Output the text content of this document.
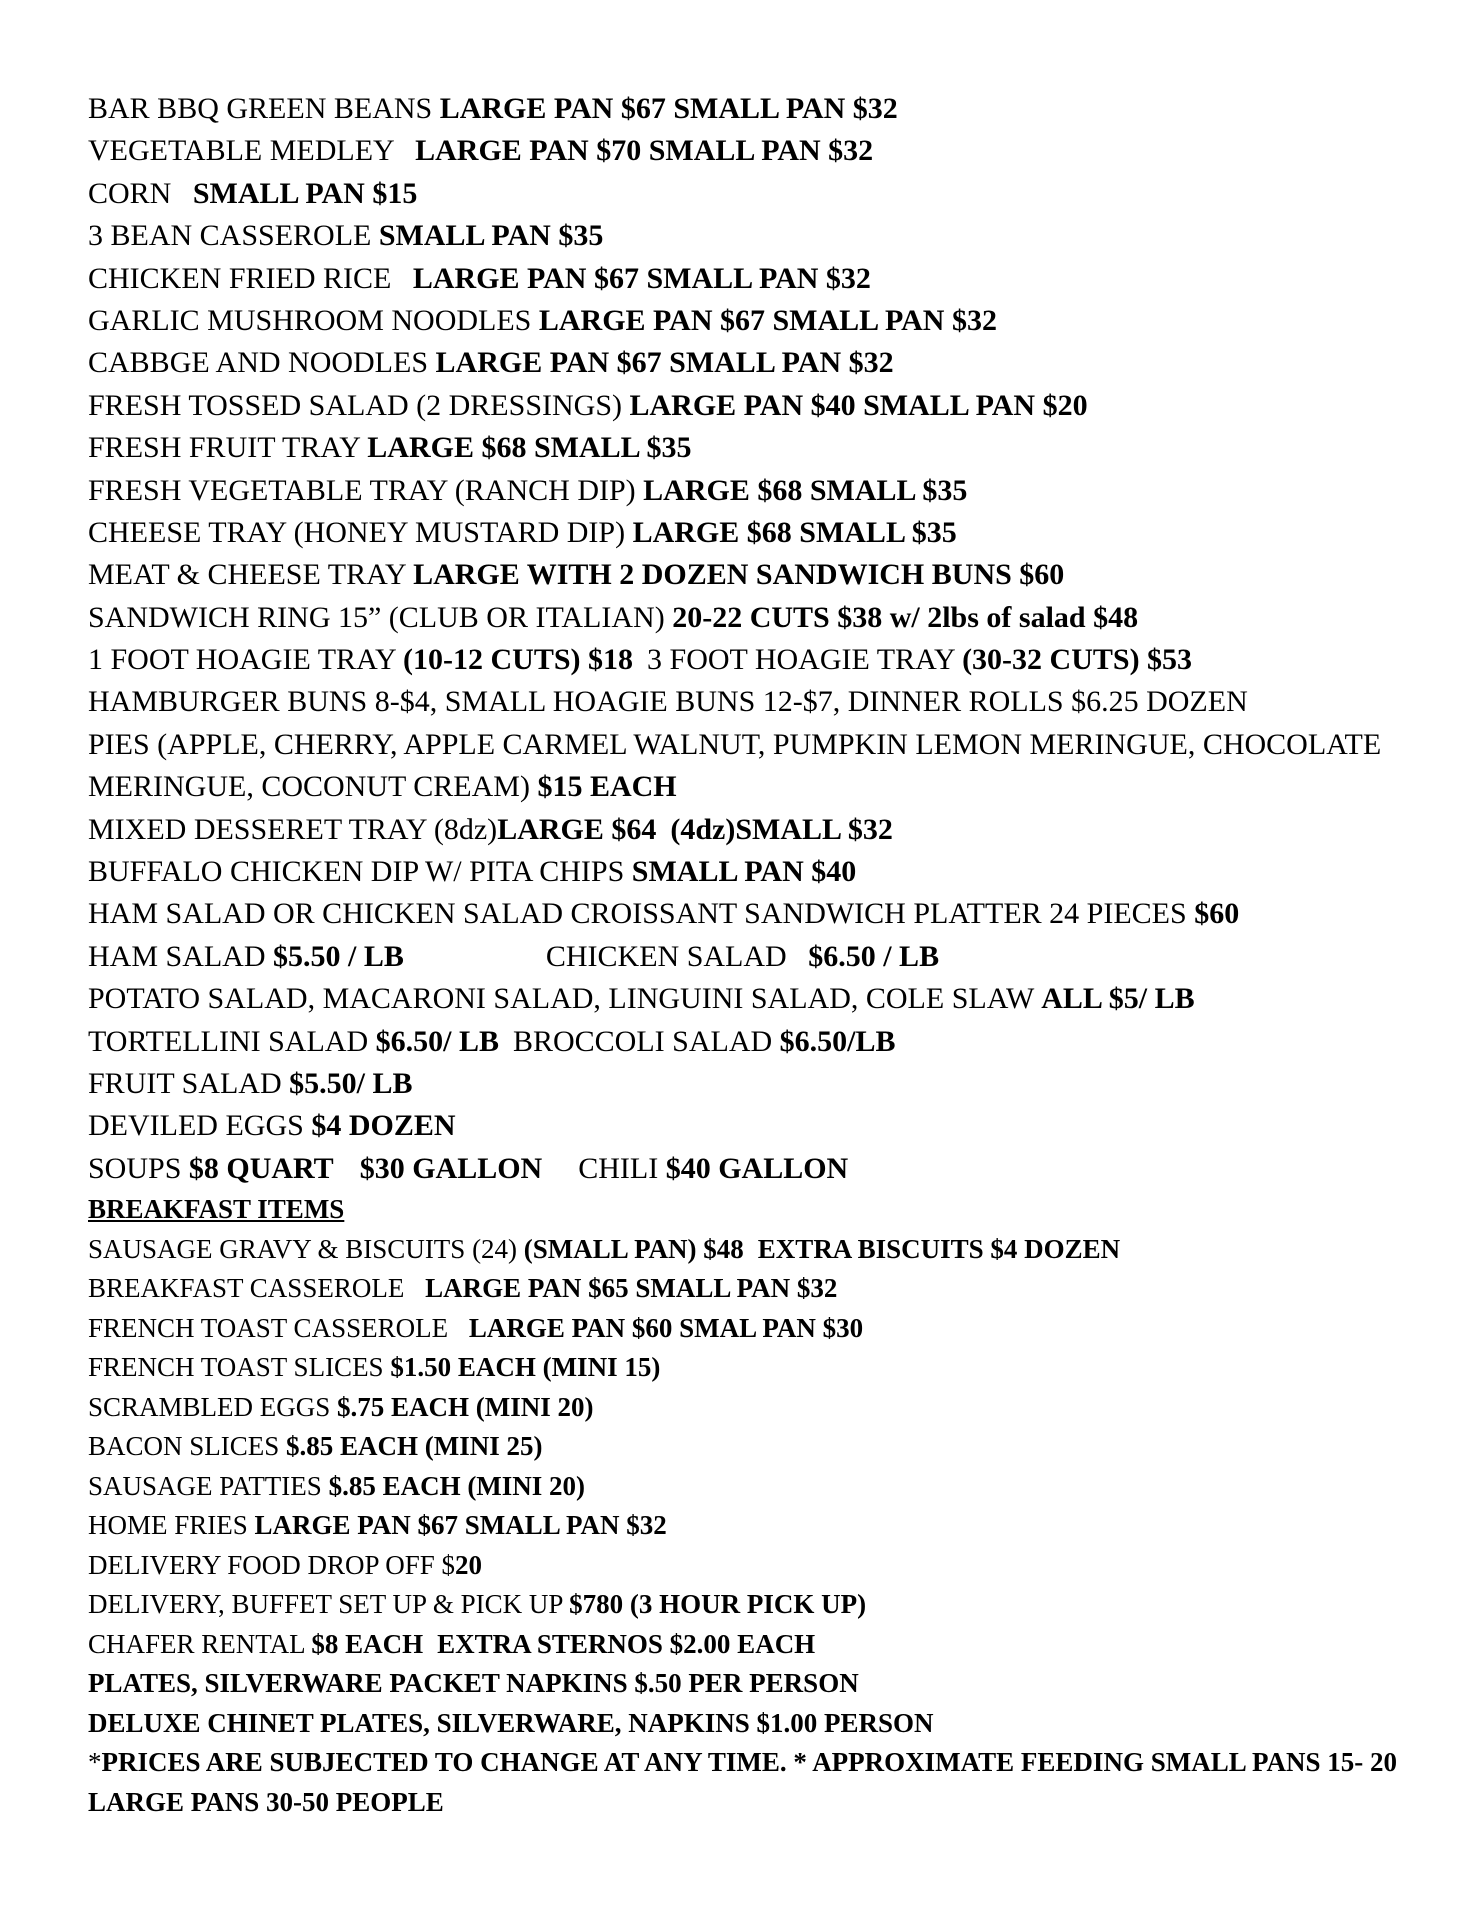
BAR BBQ GREEN BEANS LARGE PAN $67 SMALL PAN $32
VEGETABLE MEDLEY LARGE PAN $70 SMALL PAN $32
CORN SMALL PAN $15
3 BEAN CASSEROLE SMALL PAN $35
CHICKEN FRIED RICE LARGE PAN $67 SMALL PAN $32
GARLIC MUSHROOM NOODLES LARGE PAN $67 SMALL PAN $32
CABBGE AND NOODLES LARGE PAN $67 SMALL PAN $32
FRESH TOSSED SALAD (2 DRESSINGS) LARGE PAN $40 SMALL PAN $20
FRESH FRUIT TRAY LARGE $68 SMALL $35
FRESH VEGETABLE TRAY (RANCH DIP) LARGE $68 SMALL $35
CHEESE TRAY (HONEY MUSTARD DIP) LARGE $68 SMALL $35
MEAT & CHEESE TRAY LARGE WITH 2 DOZEN SANDWICH BUNS $60
SANDWICH RING 15” (CLUB OR ITALIAN) 20-22 CUTS $38 w/ 2lbs of salad $48
1 FOOT HOAGIE TRAY (10-12 CUTS) $18 3 FOOT HOAGIE TRAY (30-32 CUTS) $53
HAMBURGER BUNS 8-$4, SMALL HOAGIE BUNS 12-$7, DINNER ROLLS $6.25 DOZEN
PIES (APPLE, CHERRY, APPLE CARMEL WALNUT, PUMPKIN LEMON MERINGUE, CHOCOLATE
MERINGUE, COCONUT CREAM) $15 EACH
MIXED DESSERET TRAY (8dz)LARGE $64 (4dz)SMALL $32
BUFFALO CHICKEN DIP W/ PITA CHIPS SMALL PAN $40
HAM SALAD OR CHICKEN SALAD CROISSANT SANDWICH PLATTER 24 PIECES $60
HAM SALAD $5.50 / LB	CHICKEN SALAD $6.50 / LB
POTATO SALAD, MACARONI SALAD, LINGUINI SALAD, COLE SLAW ALL $5/ LB
TORTELLINI SALAD $6.50/ LB BROCCOLI SALAD $6.50/LB
FRUIT SALAD $5.50/ LB
DEVILED EGGS $4 DOZEN
SOUPS $8 QUART $30 GALLON CHILI $40 GALLON
BREAKFAST ITEMS
SAUSAGE GRAVY & BISCUITS (24) (SMALL PAN) $48 EXTRA BISCUITS $4 DOZEN
BREAKFAST CASSEROLE LARGE PAN $65 SMALL PAN $32
FRENCH TOAST CASSEROLE LARGE PAN $60 SMAL PAN $30
FRENCH TOAST SLICES $1.50 EACH (MINI 15)
SCRAMBLED EGGS $.75 EACH (MINI 20)
BACON SLICES $.85 EACH (MINI 25)
SAUSAGE PATTIES $.85 EACH (MINI 20)
HOME FRIES LARGE PAN $67 SMALL PAN $32
DELIVERY FOOD DROP OFF $20
DELIVERY, BUFFET SET UP & PICK UP $780 (3 HOUR PICK UP)
CHAFER RENTAL $8 EACH EXTRA STERNOS $2.00 EACH
PLATES, SILVERWARE PACKET NAPKINS $.50 PER PERSON
DELUXE CHINET PLATES, SILVERWARE, NAPKINS $1.00 PERSON
*PRICES ARE SUBJECTED TO CHANGE AT ANY TIME. * APPROXIMATE FEEDING SMALL PANS 15- 20 LARGE PANS 30-50 PEOPLE
